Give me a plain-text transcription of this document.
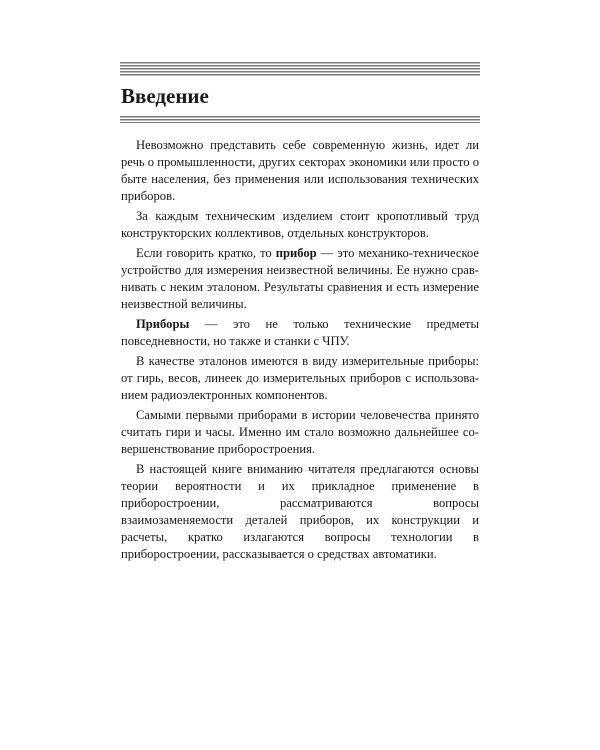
Введение

Невозможно представить себе современную жизнь, идет ли речь о промышленности, других секторах экономики или просто о быте населения, без применения или использования технических приборов.

За каждым техническим изделием стоит кропотливый труд конструкторских коллективов, отдельных конструкторов.

Если говорить кратко, то прибор — это механико-техническое устройство для измерения неизвестной величины. Ее нужно сравнивать с неким эталоном. Результаты сравнения и есть измерение неизвестной величины.

Приборы — это не только технические предметы повседневности, но также и станки с ЧПУ.

В качестве эталонов имеются в виду измерительные приборы: от гирь, весов, линеек до измерительных приборов с использованием радиоэлектронных компонентов.

Самыми первыми приборами в истории человечества принято считать гири и часы. Именно им стало возможно дальнейшее совершенствование приборостроения.

В настоящей книге вниманию читателя предлагаются основы теории вероятности и их прикладное применение в приборостроении, рассматриваются вопросы взаимозаменяемости деталей приборов, их конструкции и расчеты, кратко излагаются вопросы технологии в приборостроении, рассказывается о средствах автоматики.
